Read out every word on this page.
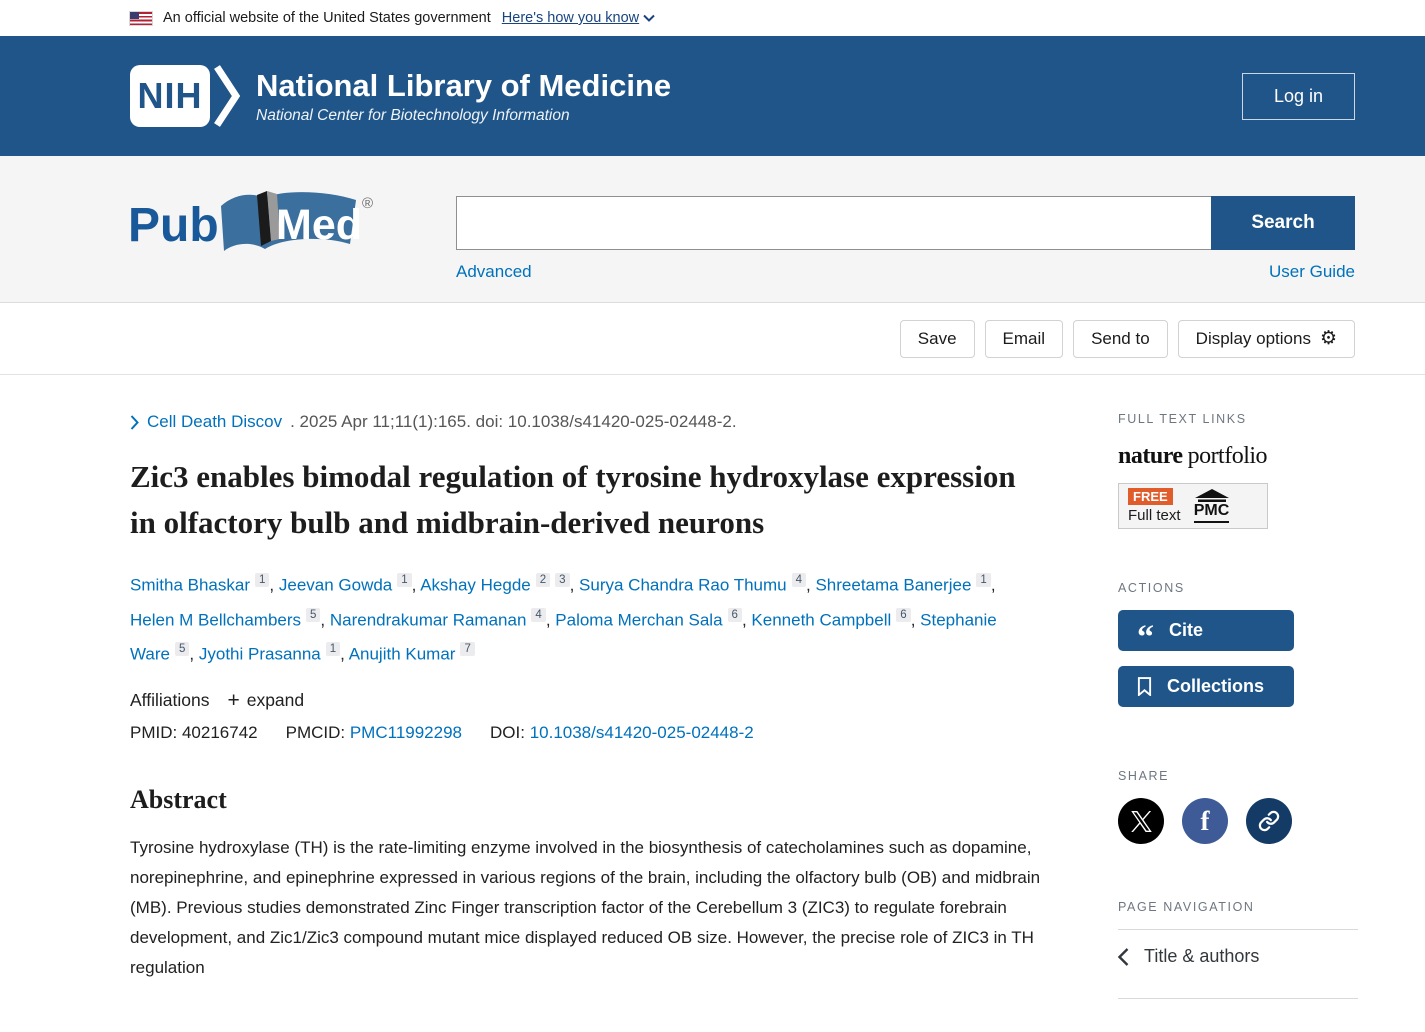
An official website of the United States government Here's how you know
NIH National Library of Medicine
National Center for Biotechnology Information
Log in
Pub Med ®
Search
Advanced	User Guide
Save	Email	Send to	Display options ⚙
Cell Death Discov . 2025 Apr 11;11(1):165. doi: 10.1038/s41420-025-02448-2.
Zic3 enables bimodal regulation of tyrosine hydroxylase expression in olfactory bulb and midbrain-derived neurons
Smitha Bhaskar $^1$ , Jeevan Gowda $^1$ , Akshay Hegde $^2$ $^3$ , Surya Chandra Rao Thumu $^4$ , Shreetama Banerjee $^1$ , Helen M Bellchambers $^5$ , Narendrakumar Ramanan $^4$ , Paloma Merchan Sala $^6$ , Kenneth Campbell $^6$ , Stephanie Ware $^5$ , Jyothi Prasanna $^1$ , Anujith Kumar $^7$
Affiliations + expand
PMID: 40216742 PMCID: PMC11992298 DOI: 10.1038/s41420-025-02448-2
Abstract

Tyrosine hydroxylase (TH) is the rate-limiting enzyme involved in the biosynthesis of catecholamines such as dopamine, norepinephrine, and epinephrine expressed in various regions of the brain, including the olfactory bulb (OB) and midbrain (MB). Previous studies demonstrated Zinc Finger transcription factor of the Cerebellum 3 (ZIC3) to regulate forebrain development, and Zic1/Zic3 compound mutant mice displayed reduced OB size. However, the precise role of ZIC3 in TH regulation

FULL TEXT LINKS
nature portfolio
FREE
Full text PMC
ACTIONS
“ Cite
Collections
SHARE
f
PAGE NAVIGATION
Title & authors
